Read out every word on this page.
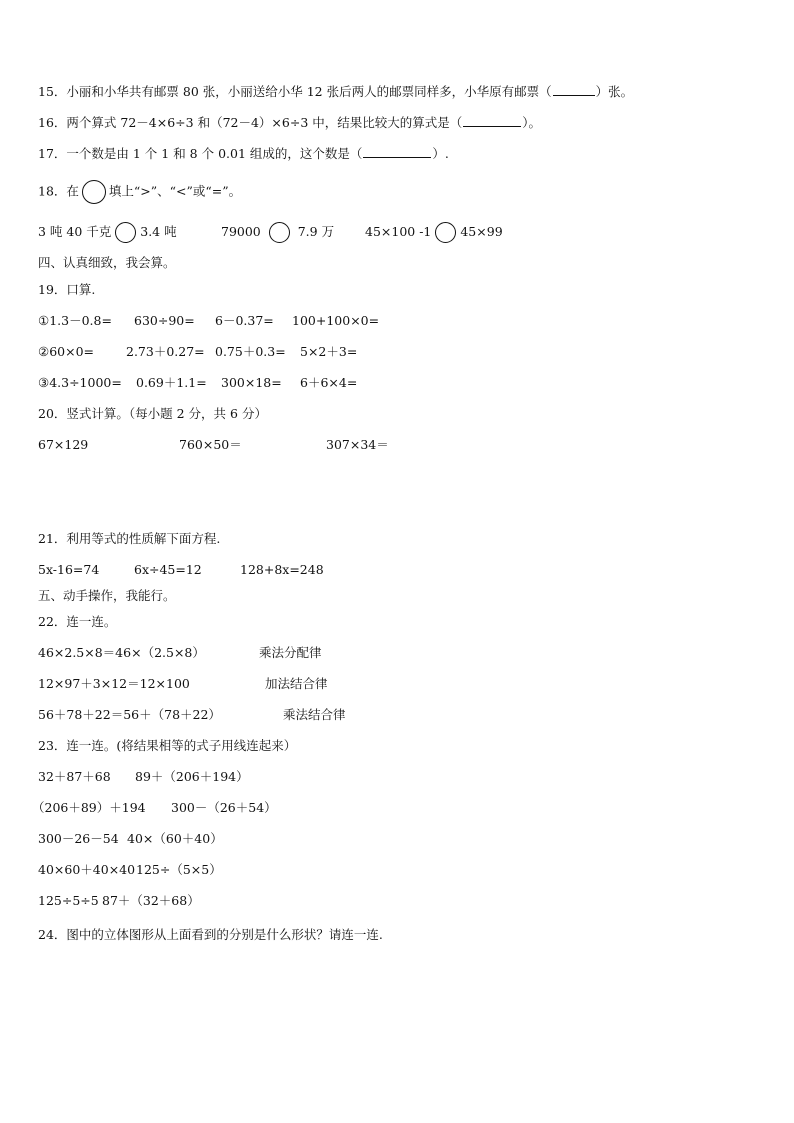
15．小丽和小华共有邮票 80 张，小丽送给小华 12 张后两人的邮票同样多，小华原有邮票（	）张。
16．两个算式 72－4×6÷3 和（72－4）×6÷3 中，结果比较大的算式是（	）。
17．一个数是由 1 个 1 和 8 个 0.01 组成的，这个数是（	）.
18．在 填上“>”、“<”或“=”。
3 吨 40 千克 3.4 吨	79000	7.9 万 45×100 -1 45×99
四、认真细致，我会算。
19．口算.
①1.3－0.8= 630÷90= 6－0.37= 100+100×0=
②60×0=	2.73＋0.27= 0.75＋0.3= 5×2＋3=
③4.3÷1000= 0.69＋1.1= 300×18= 6＋6×4=
20．竖式计算。（每小题 2 分，共 6 分）
67×129	760×50＝	307×34＝
21．利用等式的性质解下面方程.
5x-16=74	6x÷45=12	128+8x=248
五、动手操作，我能行。
22．连一连。
46×2.5×8＝46×（2.5×8）	乘法分配律
12×97＋3×12＝12×100	加法结合律
56＋78＋22＝56＋（78＋22）	乘法结合律
23．连一连。(将结果相等的式子用线连起来）
32＋87＋68 89＋（206＋194）
（206＋89）＋194 300－（26＋54）
300－26－54 40×（60＋40）
40×60＋40×40 125÷（5×5）
125÷5÷5 87＋（32＋68）
24．图中的立体图形从上面看到的分别是什么形状？请连一连.
